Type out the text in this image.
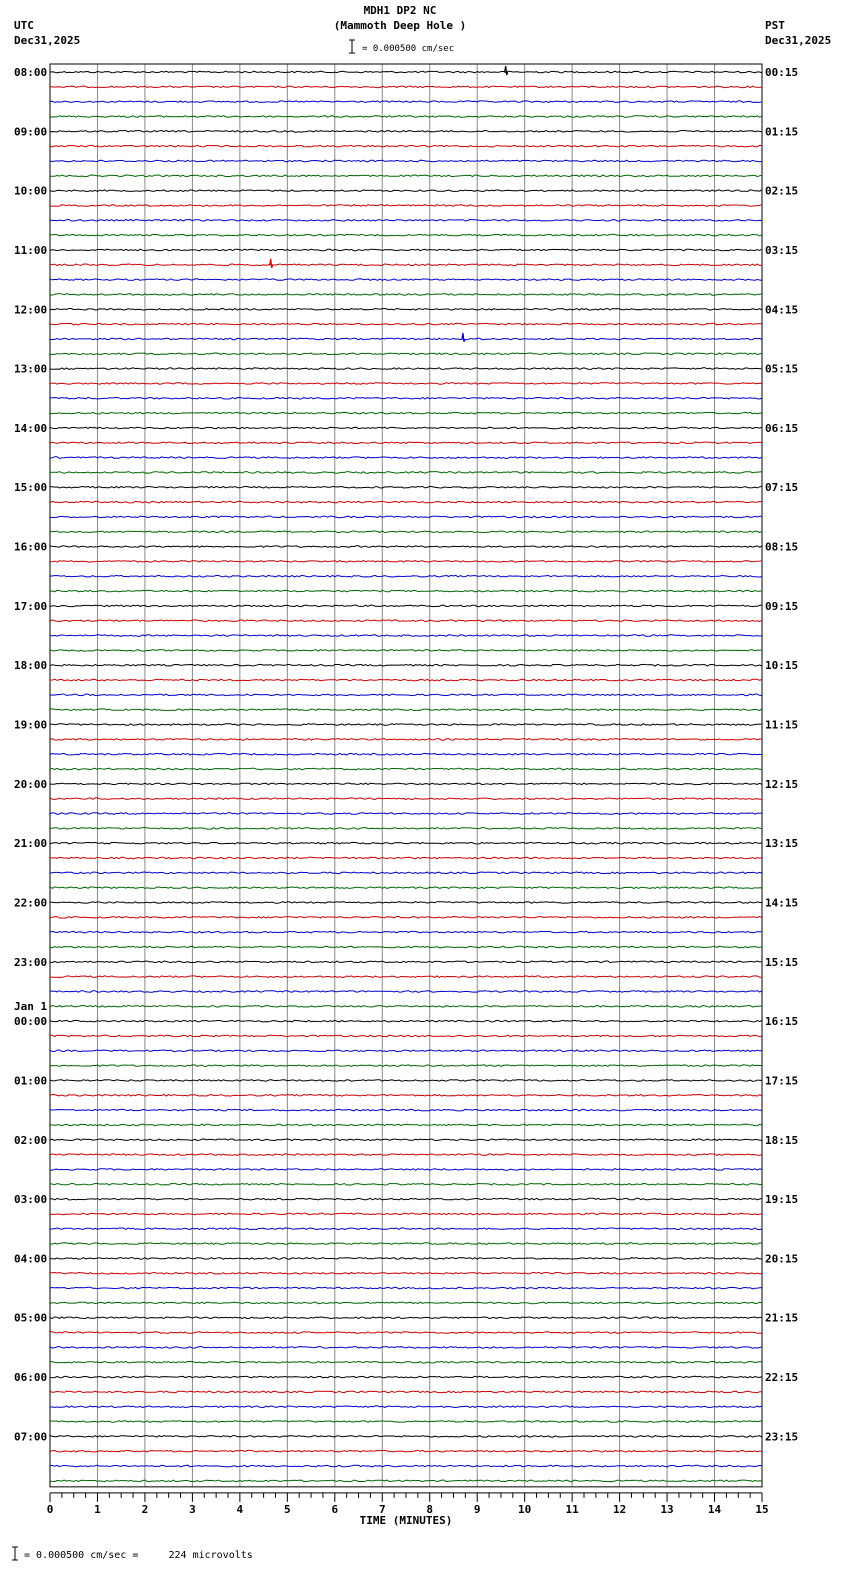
MDH1 DP2 NC
(Mammoth Deep Hole )
= 0.000500 cm/sec
UTC
Dec31,2025
PST
Dec31,2025
08:00
09:00
10:00
11:00
12:00
13:00
14:00
15:00
16:00
17:00
18:00
19:00
20:00
21:00
22:00
23:00
00:00
01:00
02:00
03:00
04:00
05:00
06:00
07:00
Jan 1
00:15
01:15
02:15
03:15
04:15
05:15
06:15
07:15
08:15
09:15
10:15
11:15
12:15
13:15
14:15
15:15
16:15
17:15
18:15
19:15
20:15
21:15
22:15
23:15
0	1	2	3	4	5	6	7	8	9	10	11	12	13	14	15
TIME (MINUTES)
= 0.000500 cm/sec =     224 microvolts
